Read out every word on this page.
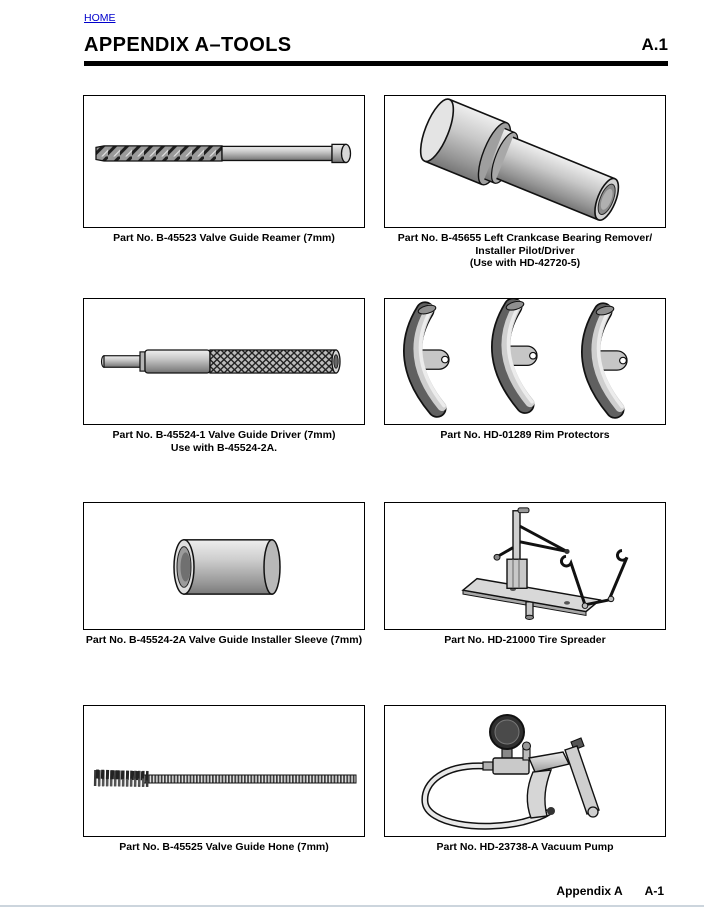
HOME
APPENDIX A–TOOLS	A.1
Part No. B-45523 Valve Guide Reamer (7mm)	Part No. B-45655 Left Crankcase Bearing Remover/
Installer Pilot/Driver
(Use with HD-42720-5)
Part No. B-45524-1 Valve Guide Driver (7mm)
Use with B-45524-2A.
Part No. HD-01289 Rim Protectors
Part No. B-45524-2A Valve Guide Installer Sleeve (7mm)	Part No. HD-21000 Tire Spreader
Part No. B-45525 Valve Guide Hone (7mm)	Part No. HD-23738-A Vacuum Pump
Appendix A A-1
